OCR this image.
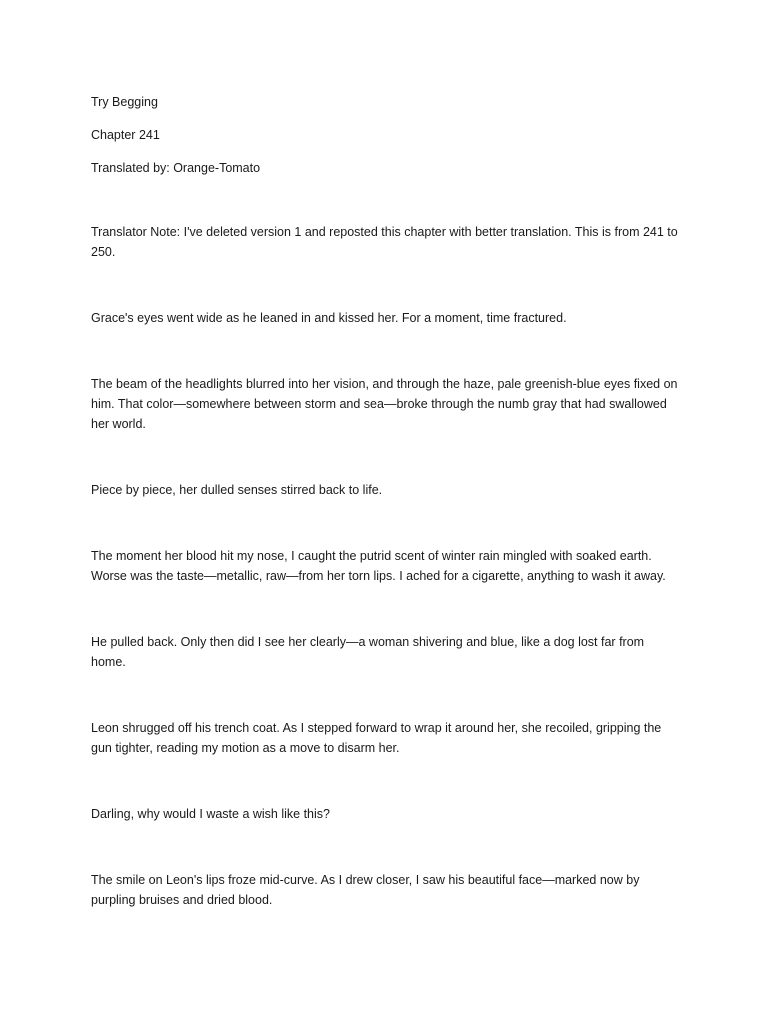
Try Begging

Chapter 241

Translated by: Orange-Tomato

Translator Note: I've deleted version 1 and reposted this chapter with better translation. This is from 241 to 250.

Grace's eyes went wide as he leaned in and kissed her. For a moment, time fractured.

The beam of the headlights blurred into her vision, and through the haze, pale greenish-blue eyes fixed on him. That color—somewhere between storm and sea—broke through the numb gray that had swallowed her world.

Piece by piece, her dulled senses stirred back to life.

The moment her blood hit my nose, I caught the putrid scent of winter rain mingled with soaked earth. Worse was the taste—metallic, raw—from her torn lips. I ached for a cigarette, anything to wash it away.

He pulled back. Only then did I see her clearly—a woman shivering and blue, like a dog lost far from home.

Leon shrugged off his trench coat. As I stepped forward to wrap it around her, she recoiled, gripping the gun tighter, reading my motion as a move to disarm her.

Darling, why would I waste a wish like this?

The smile on Leon's lips froze mid-curve. As I drew closer, I saw his beautiful face—marked now by purpling bruises and dried blood.
